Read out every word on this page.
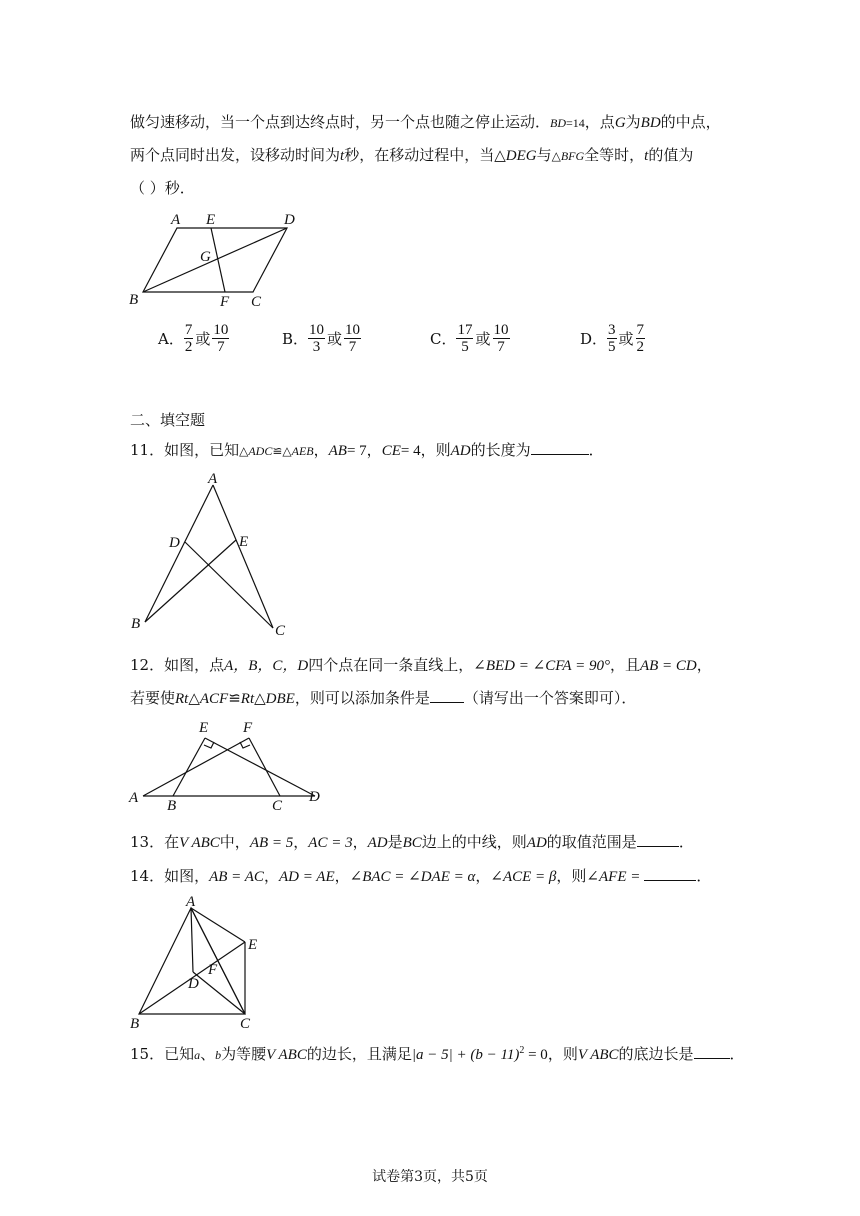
做匀速移动，当一个点到达终点时，另一个点也随之停止运动．BD=14，点G为BD的中点，
两个点同时出发，设移动时间为t秒，在移动过程中，当△DEG与△BFG全等时，t的值为
（ ）秒．
A E	D
G
B	F C
A． $\frac{7}{2}$ 或 $\frac{10}{7}$	B． $\frac{10}{3}$ 或 $\frac{10}{7}$	C． $\frac{17}{5}$ 或 $\frac{10}{7}$	D． $\frac{3}{5}$ 或 $\frac{7}{2}$
二、填空题
11．如图，已知△ADC≌△AEB，AB= 7，CE= 4，则AD的长度为	．
A
D	E
B	C
12．如图，点A，B，C，D四个点在同一条直线上，∠BED = ∠CFA = 90°，且AB = CD，
若要使Rt△ACF≌Rt△DBE，则可以添加条件是 （请写出一个答案即可）．
E F
A B	C
D
13．在V ABC中，AB = 5，AC = 3，AD是BC边上的中线，则AD的取值范围是	．
14．如图，AB = AC，AD = AE，∠BAC = ∠DAE = α，∠ACE = β，则∠AFE =	．
A
E
F
D
B	C
15．已知a、b为等腰V ABC的边长，且满足$|a - 5| + (b - 11)^2 = 0$，则V ABC的底边长是 ．
试卷第3页，共5页
